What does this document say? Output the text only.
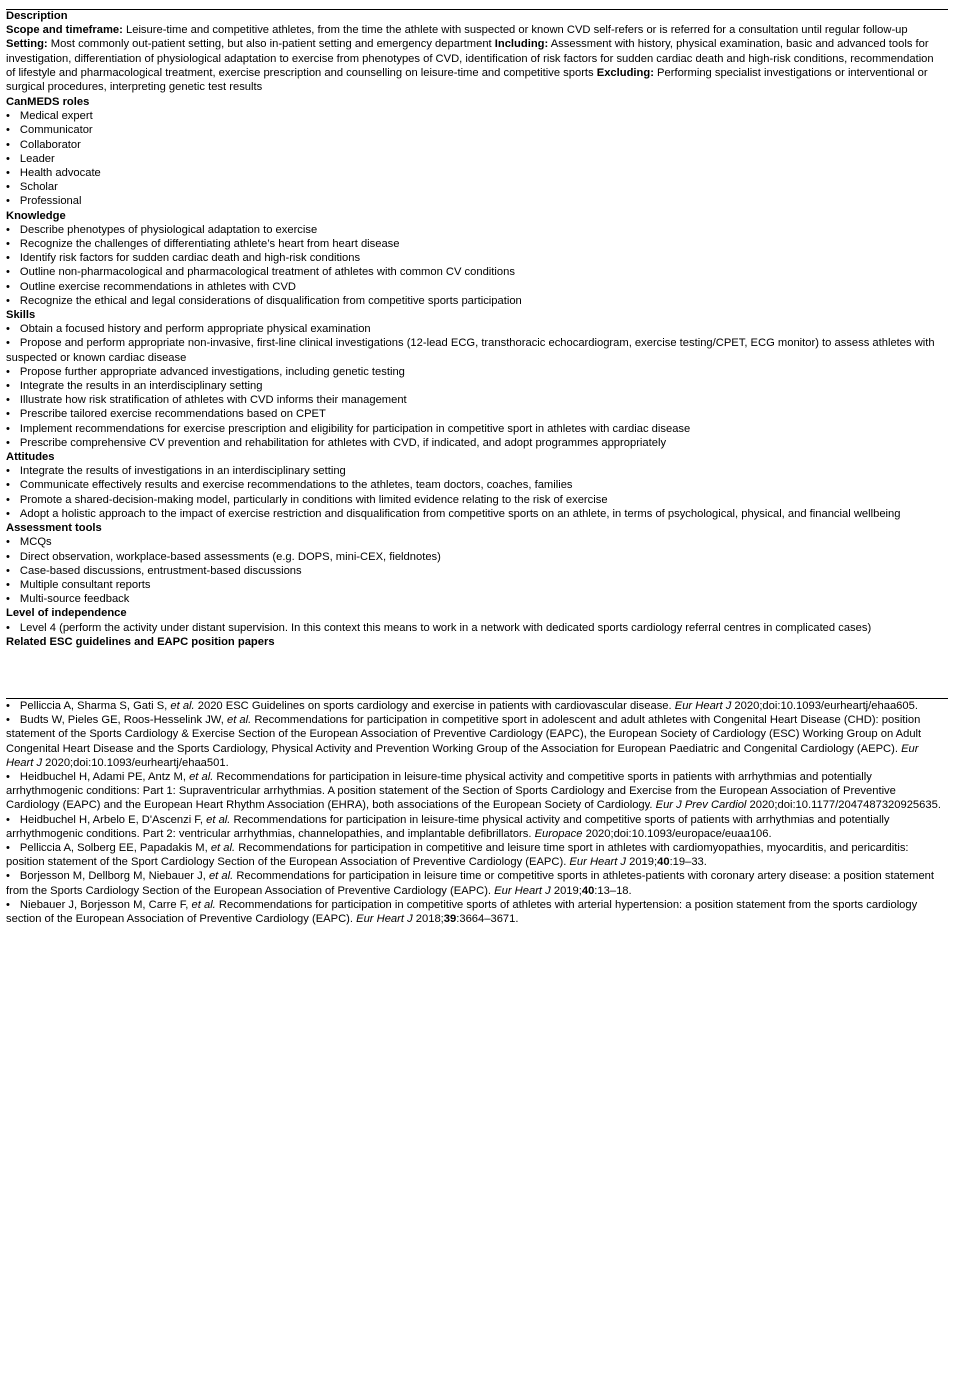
Description
Scope and timeframe: Leisure-time and competitive athletes, from the time the athlete with suspected or known CVD self-refers or is referred for a consultation until regular follow-up Setting: Most commonly out-patient setting, but also in-patient setting and emergency department Including: Assessment with history, physical examination, basic and advanced tools for investigation, differentiation of physiological adaptation to exercise from phenotypes of CVD, identification of risk factors for sudden cardiac death and high-risk conditions, recommendation of lifestyle and pharmacological treatment, exercise prescription and counselling on leisure-time and competitive sports Excluding: Performing specialist investigations or interventional or surgical procedures, interpreting genetic test results
CanMEDS roles
• Medical expert
• Communicator
• Collaborator
• Leader
• Health advocate
• Scholar
• Professional
Knowledge
• Describe phenotypes of physiological adaptation to exercise
• Recognize the challenges of differentiating athlete’s heart from heart disease
• Identify risk factors for sudden cardiac death and high-risk conditions
• Outline non-pharmacological and pharmacological treatment of athletes with common CV conditions
• Outline exercise recommendations in athletes with CVD
• Recognize the ethical and legal considerations of disqualification from competitive sports participation
Skills
• Obtain a focused history and perform appropriate physical examination
• Propose and perform appropriate non-invasive, first-line clinical investigations (12-lead ECG, transthoracic echocardiogram, exercise testing/CPET, ECG monitor) to assess athletes with suspected or known cardiac disease
• Propose further appropriate advanced investigations, including genetic testing
• Integrate the results in an interdisciplinary setting
• Illustrate how risk stratification of athletes with CVD informs their management
• Prescribe tailored exercise recommendations based on CPET
• Implement recommendations for exercise prescription and eligibility for participation in competitive sport in athletes with cardiac disease
• Prescribe comprehensive CV prevention and rehabilitation for athletes with CVD, if indicated, and adopt programmes appropriately
Attitudes
• Integrate the results of investigations in an interdisciplinary setting
• Communicate effectively results and exercise recommendations to the athletes, team doctors, coaches, families
• Promote a shared-decision-making model, particularly in conditions with limited evidence relating to the risk of exercise
• Adopt a holistic approach to the impact of exercise restriction and disqualification from competitive sports on an athlete, in terms of psychological, physical, and financial wellbeing
Assessment tools
• MCQs
• Direct observation, workplace-based assessments (e.g. DOPS, mini-CEX, fieldnotes)
• Case-based discussions, entrustment-based discussions
• Multiple consultant reports
• Multi-source feedback
Level of independence
• Level 4 (perform the activity under distant supervision. In this context this means to work in a network with dedicated sports cardiology referral centres in complicated cases)
Related ESC guidelines and EAPC position papers
• Pelliccia A, Sharma S, Gati S, et al. 2020 ESC Guidelines on sports cardiology and exercise in patients with cardiovascular disease. Eur Heart J 2020;doi:10.1093/eurheartj/ehaa605.
• Budts W, Pieles GE, Roos-Hesselink JW, et al. Recommendations for participation in competitive sport in adolescent and adult athletes with Congenital Heart Disease (CHD): position statement of the Sports Cardiology & Exercise Section of the European Association of Preventive Cardiology (EAPC), the European Society of Cardiology (ESC) Working Group on Adult Congenital Heart Disease and the Sports Cardiology, Physical Activity and Prevention Working Group of the Association for European Paediatric and Congenital Cardiology (AEPC). Eur Heart J 2020;doi:10.1093/eurheartj/ehaa501.
• Heidbuchel H, Adami PE, Antz M, et al. Recommendations for participation in leisure-time physical activity and competitive sports in patients with arrhythmias and potentially arrhythmogenic conditions: Part 1: Supraventricular arrhythmias. A position statement of the Section of Sports Cardiology and Exercise from the European Association of Preventive Cardiology (EAPC) and the European Heart Rhythm Association (EHRA), both associations of the European Society of Cardiology. Eur J Prev Cardiol 2020;doi:10.1177/2047487320925635.
• Heidbuchel H, Arbelo E, D'Ascenzi F, et al. Recommendations for participation in leisure-time physical activity and competitive sports of patients with arrhythmias and potentially arrhythmogenic conditions. Part 2: ventricular arrhythmias, channelopathies, and implantable defibrillators. Europace 2020;doi:10.1093/europace/euaa106.
• Pelliccia A, Solberg EE, Papadakis M, et al. Recommendations for participation in competitive and leisure time sport in athletes with cardiomyopathies, myocarditis, and pericarditis: position statement of the Sport Cardiology Section of the European Association of Preventive Cardiology (EAPC). Eur Heart J 2019;40:19–33.
• Borjesson M, Dellborg M, Niebauer J, et al. Recommendations for participation in leisure time or competitive sports in athletes-patients with coronary artery disease: a position statement from the Sports Cardiology Section of the European Association of Preventive Cardiology (EAPC). Eur Heart J 2019;40:13–18.
• Niebauer J, Borjesson M, Carre F, et al. Recommendations for participation in competitive sports of athletes with arterial hypertension: a position statement from the sports cardiology section of the European Association of Preventive Cardiology (EAPC). Eur Heart J 2018;39:3664–3671.
